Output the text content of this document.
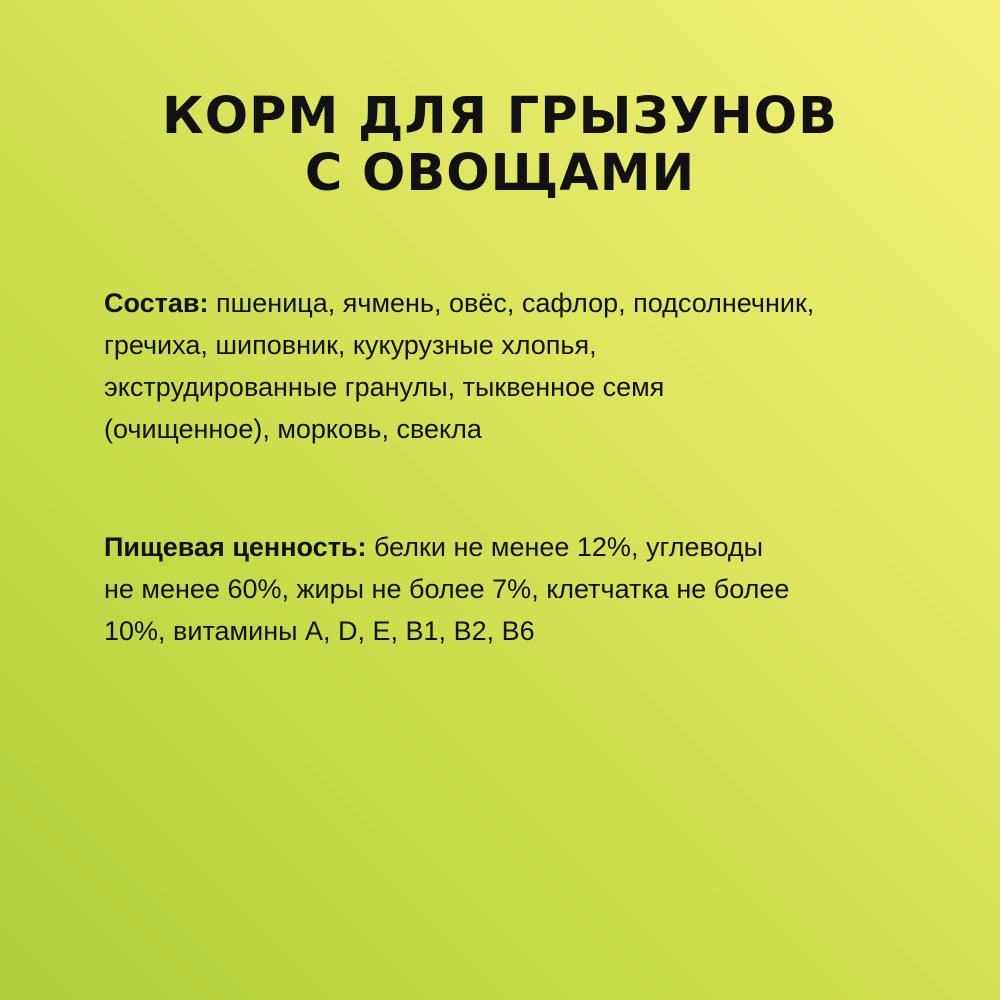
КОРМ ДЛЯ ГРЫЗУНОВ
С ОВОЩАМИ
Состав: пшеница, ячмень, овёс, сафлор, подсолнечник,
гречиха, шиповник, кукурузные хлопья,
экструдированные гранулы, тыквенное семя
(очищенное), морковь, свекла
Пищевая ценность: белки не менее 12%, углеводы
не менее 60%, жиры не более 7%, клетчатка не более
10%, витамины А, D, E, B1, B2, B6
